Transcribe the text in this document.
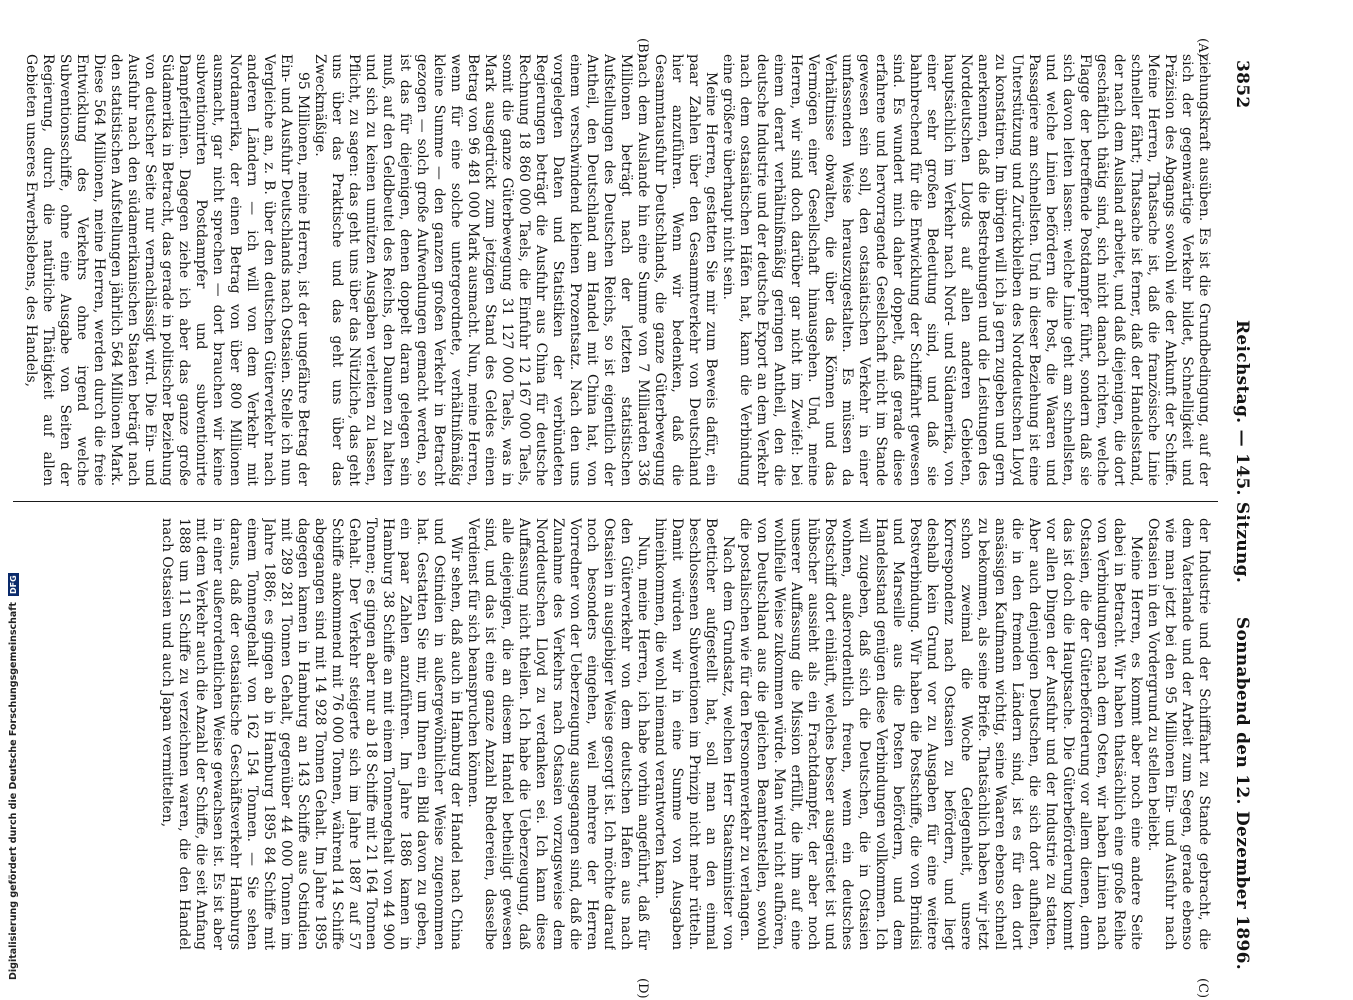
3852
Reichstag. — 145. Sitzung.
Sonnabend den 12. Dezember 1896.
(A)
(B)
(C)
(D)

ziehungskraft ausüben. Es ist die Grundbedingung, auf der sich der gegenwärtige Verkehr bildet, Schnelligkeit und Präzision des Abgangs sowohl wie der Ankunft der Schiffe. Meine Herren, Thatsache ist, daß die französische Linie schneller fährt; Thatsache ist ferner, daß der Handelsstand, der nach dem Ausland arbeitet, und daß diejenigen, die dort geschäftlich thätig sind, sich nicht danach richten, welche Flagge der betreffende Postdampfer führt, sondern daß sie sich davon leiten lassen: welche Linie geht am schnellsten, und welche Linien befördern die Post, die Waaren und Passagiere am schnellsten. Und in dieser Beziehung ist eine Unterstützung und Zurückbleiben des Norddeutschen Lloyd zu konstatiren. Im übrigen will ich ja gern zugeben und gern anerkennen, daß die Bestrebungen und die Leistungen des Norddeutschen Lloyds auf allen anderen Gebieten, hauptsächlich im Verkehr nach Nord- und Südamerika, von einer sehr großen Bedeutung sind, und daß sie bahnbrechend für die Entwicklung der Schifffahrt gewesen sind. Es wundert mich daher doppelt, daß gerade diese erfahrene und hervorragende Gesellschaft nicht im Stande gewesen sein soll, den ostasiatischen Verkehr in einer umfassenden Weise herauszugestalten. Es müssen da Verhältnisse obwalten, die über das Können und das Vermögen einer Gesellschaft hinausgehen. Und, meine Herren, wir sind doch darüber gar nicht im Zweifel: bei einem derart verhältnißmäßig geringen Antheil, den die deutsche Industrie und der deutsche Export an dem Verkehr nach dem ostasiatischen Häfen hat, kann die Verbindung eine größere überhaupt nicht sein.

Meine Herren, gestatten Sie mir zum Beweis dafür, ein paar Zahlen über den Gesammtverkehr von Deutschland hier anzuführen. Wenn wir bedenken, daß die Gesammtausfuhr Deutschlands, die ganze Güterbewegung nach dem Auslande hin eine Summe von 7 Milliarden 336 Millionen beträgt nach der letzten statistischen Aufstellungen des Deutschen Reichs, so ist eigentlich der Antheil, den Deutschland am Handel mit China hat, von einem verschwindend kleinen Prozentsatz. Nach den uns vorgelegten Daten und Statistiken der verbündeten Regierungen beträgt die Ausfuhr aus China für deutsche Rechnung 18 860 000 Taels, die Einfuhr 12 167 000 Taels, somit die ganze Güterbewegung 31 127 000 Taels, was in Mark ausgedrückt zum jetzigen Stand des Geldes einen Betrag von 96 481 000 Mark ausmacht. Nun, meine Herren, wenn für eine solche untergeordnete, verhältnißmäßig kleine Summe — den ganzen großen Verkehr in Betracht gezogen — solch große Aufwendungen gemacht werden, so ist das für diejenigen, denen doppelt daran gelegen sein muß, auf den Geldbeutel des Reichs, den Daumen zu halten und sich zu keinen unnützen Ausgaben verleiten zu lassen, Pflicht, zu sagen: das geht uns über das Nützliche, das geht uns über das Praktische und das geht uns über das Zweckmäßige.

95 Millionen, meine Herren, ist der ungefähre Betrag der Ein- und Ausfuhr Deutschlands nach Ostasien. Stelle ich nun Vergleiche an, z. B. über den deutschen Güterverkehr nach anderen Ländern — ich will von dem Verkehr mit Nordamerika, der einen Betrag von über 800 Millionen ausmacht, gar nicht sprechen — dort brauchen wir keine subventionirten Postdampfer und subventionirte Dampferlinien. Dagegen ziehe ich aber das ganze große Südamerika in Betracht, das gerade in politischer Beziehung von deutscher Seite nur vernachlässigt wird. Die Ein- und Ausfuhr nach den südamerikanischen Staaten beträgt nach den statistischen Aufstellungen jährlich 564 Millionen Mark. Diese 564 Millionen, meine Herren, werden durch die freie Entwicklung des Verkehrs ohne irgend welche Subventionsschiffe, ohne eine Ausgabe von Seiten der Regierung, durch die natürliche Thätigkeit auf allen Gebieten unseres Erwerbslebens, des Handels,

der Industrie und der Schifffahrt zu Stande gebracht, die dem Vaterlande und der Arbeit zum Segen, gerade ebenso wie man jetzt bei den 95 Millionen Ein- und Ausfuhr nach Ostasien in den Vordergrund zu stellen beliebt.

Meine Herren, es kommt aber noch eine andere Seite dabei in Betracht. Wir haben thatsächlich eine große Reihe von Verbindungen nach dem Osten, wir haben Linien nach Ostasien, die der Güterbeförderung vor allem dienen, denn das ist doch die Hauptsache. Die Güterbeförderung kommt vor allen Dingen der Ausfuhr und der Industrie zu statten. Aber auch denjenigen Deutschen, die sich dort aufhalten, die in den fremden Ländern sind, ist es für den dort ansässigen Kaufmann wichtig, seine Waaren ebenso schnell zu bekommen, als seine Briefe. Thatsächlich haben wir jetzt schon zweimal die Woche Gelegenheit, unsere Korrespondenz nach Ostasien zu befördern, und liegt deshalb kein Grund vor zu Ausgaben für eine weitere Postverbindung. Wir haben die Postschiffe, die von Brindisi und Marseille aus die Posten befördern, und dem Handelsstand genügen diese Verbindungen vollkommen. Ich will zugeben, daß sich die Deutschen, die in Ostasien wohnen, außerordentlich freuen, wenn ein deutsches Postschiff dort einläuft, welches besser ausgerüstet ist und hübscher aussieht als ein Frachtdampfer, der aber noch unserer Auffassung die Mission erfüllt, die ihm auf eine wohlfeile Weise zukommen würde. Man wird nicht aufhören, von Deutschland aus die gleichen Beamtenstellen, sowohl die postalischen wie für den Personenverkehr zu verlangen.

Nach dem Grundsatz, welchen Herr Staatsminister von Boetticher aufgestellt hat, soll man an den einmal beschlossenen Subventionen im Prinzip nicht mehr rütteln. Damit würden wir in eine Summe von Ausgaben hineinkommen, die wohl niemand verantworten kann.

Nun, meine Herren, ich habe vorhin angeführt, daß für den Güterverkehr von dem deutschen Hafen aus nach Ostasien in ausgiebiger Weise gesorgt ist. Ich möchte darauf noch besonders eingehen, weil mehrere der Herren Vorredner von der Ueberzeugung ausgegangen sind, daß die Zunahme des Verkehrs nach Ostasien vorzugsweise dem Norddeutschen Lloyd zu verdanken sei. Ich kann diese Auffassung nicht theilen. Ich habe die Ueberzeugung, daß alle diejenigen, die an diesem Handel betheiligt gewesen sind, und das ist eine ganze Anzahl Rhedereien, dasselbe Verdienst für sich beanspruchen können.

Wir sehen, daß auch in Hamburg der Handel nach China und Ostindien in außergewöhnlicher Weise zugenommen hat. Gestatten Sie mir, um Ihnen ein Bild davon zu geben, ein paar Zahlen anzuführen. Im Jahre 1886 kamen in Hamburg 38 Schiffe an mit einem Tonnengehalt von 44 900 Tonnen; es gingen aber nur ab 18 Schiffe mit 21 164 Tonnen Gehalt. Der Verkehr steigerte sich im Jahre 1887 auf 57 Schiffe ankommend mit 76 000 Tonnen, während 14 Schiffe abgegangen sind mit 14 928 Tonnen Gehalt. Im Jahre 1895 dagegen kamen in Hamburg an 143 Schiffe aus Ostindien mit 289 281 Tonnen Gehalt, gegenüber 44 000 Tonnen im Jahre 1886; es gingen ab in Hamburg 1895 84 Schiffe mit einem Tonnengehalt von 162 154 Tonnen. — Sie sehen daraus, daß der ostasiatische Geschäftsverkehr Hamburgs in einer außerordentlichen Weise gewachsen ist. Es ist aber mit dem Verkehr auch die Anzahl der Schiffe, die seit Anfang 1888 um 11 Schiffe zu verzeichnen waren, die den Handel nach Ostasien und auch Japan vermittelten,

Digitalisierung gefördert durch die Deutsche Forschungsgemeinschaft
DFG
